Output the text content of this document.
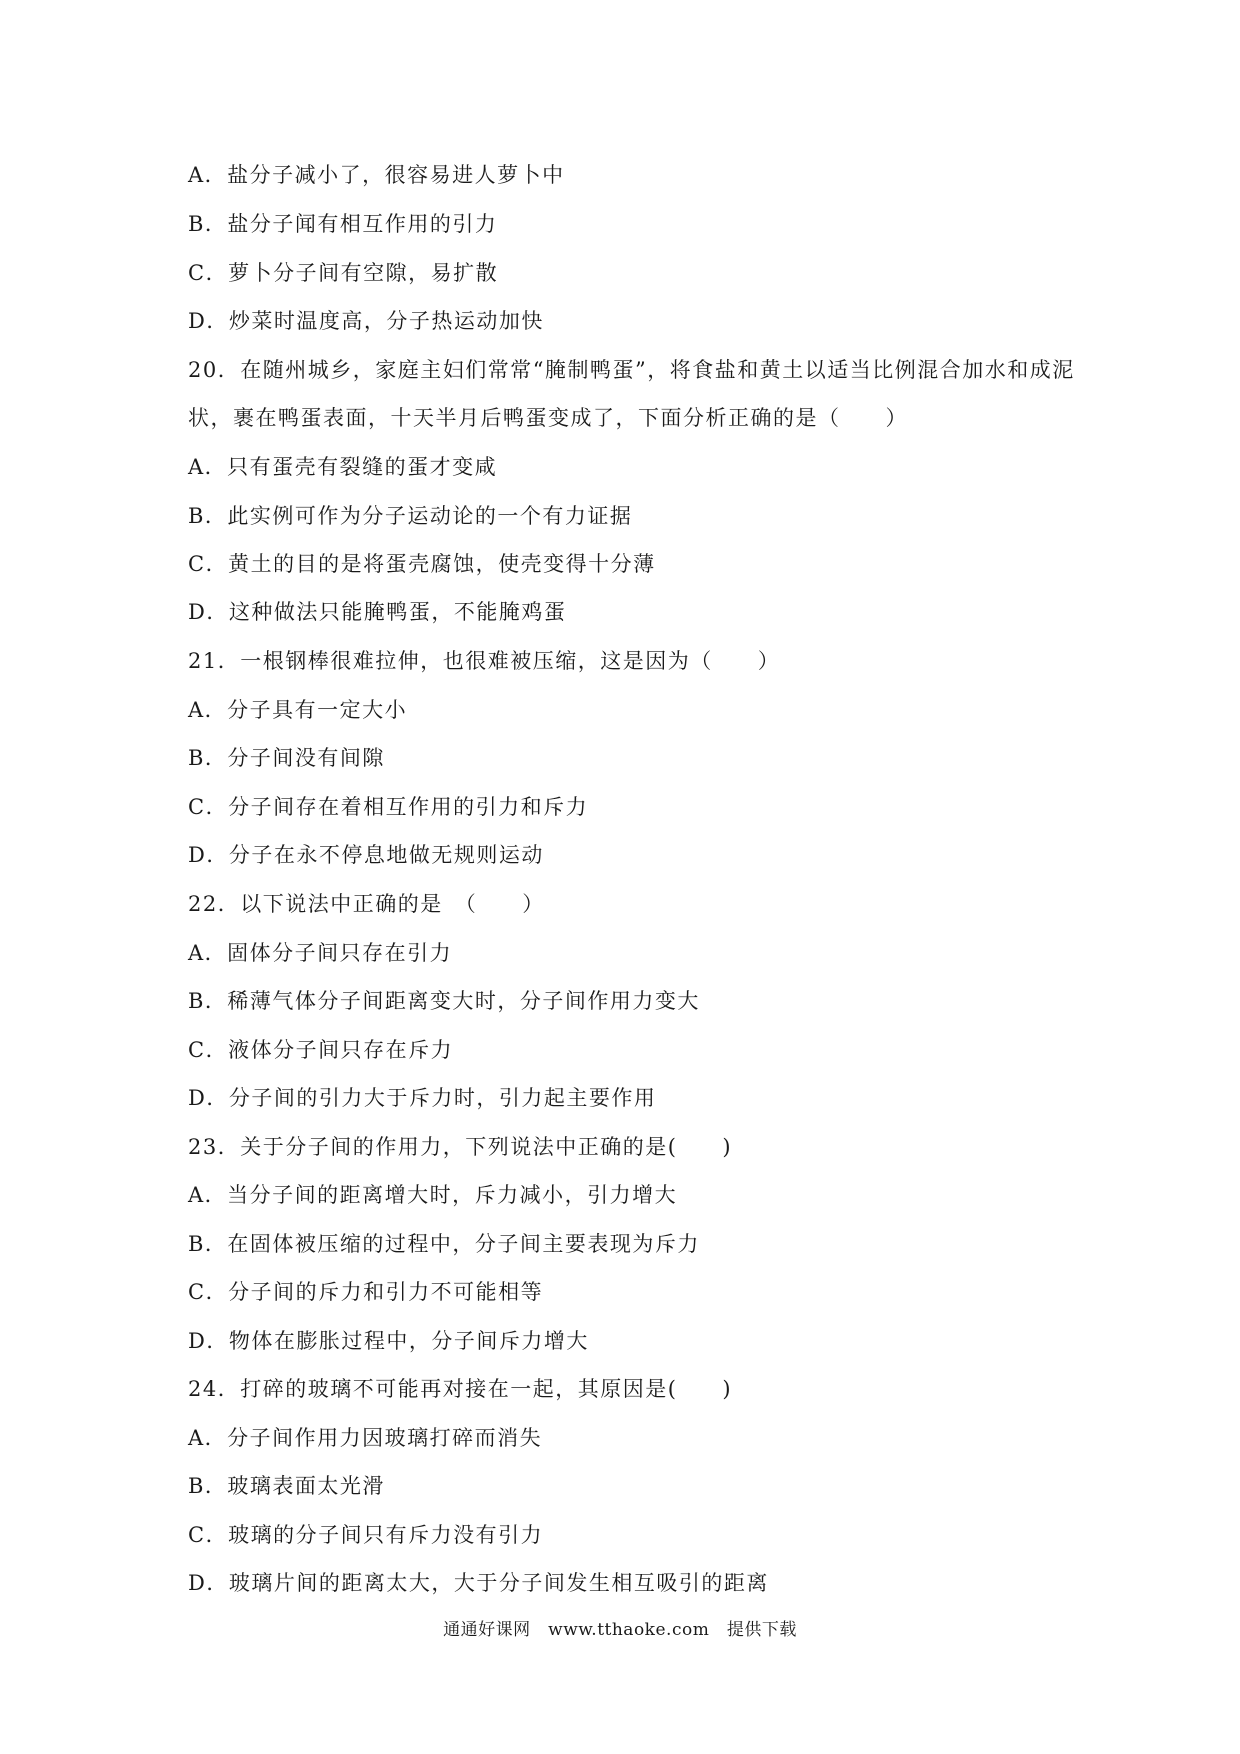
A．盐分子减小了，很容易进人萝卜中
B．盐分子闻有相互作用的引力
C．萝卜分子间有空隙，易扩散
D．炒菜时温度高，分子热运动加快
20．在随州城乡，家庭主妇们常常“腌制鸭蛋”，将食盐和黄土以适当比例混合加水和成泥
状，裹在鸭蛋表面，十天半月后鸭蛋变成了，下面分析正确的是（　　）
A．只有蛋壳有裂缝的蛋才变咸
B．此实例可作为分子运动论的一个有力证据
C．黄土的目的是将蛋壳腐蚀，使壳变得十分薄
D．这种做法只能腌鸭蛋，不能腌鸡蛋
21．一根钢棒很难拉伸，也很难被压缩，这是因为（　　）
A．分子具有一定大小
B．分子间没有间隙
C．分子间存在着相互作用的引力和斥力
D．分子在永不停息地做无规则运动
22．以下说法中正确的是　（　　）
A．固体分子间只存在引力
B．稀薄气体分子间距离变大时，分子间作用力变大
C．液体分子间只存在斥力
D．分子间的引力大于斥力时，引力起主要作用
23．关于分子间的作用力，下列说法中正确的是(　　)
A．当分子间的距离增大时，斥力减小，引力增大
B．在固体被压缩的过程中，分子间主要表现为斥力
C．分子间的斥力和引力不可能相等
D．物体在膨胀过程中，分子间斥力增大
24．打碎的玻璃不可能再对接在一起，其原因是(　　)
A．分子间作用力因玻璃打碎而消失
B．玻璃表面太光滑
C．玻璃的分子间只有斥力没有引力
D．玻璃片间的距离太大，大于分子间发生相互吸引的距离
通通好课网　www.tthaoke.com　提供下载
